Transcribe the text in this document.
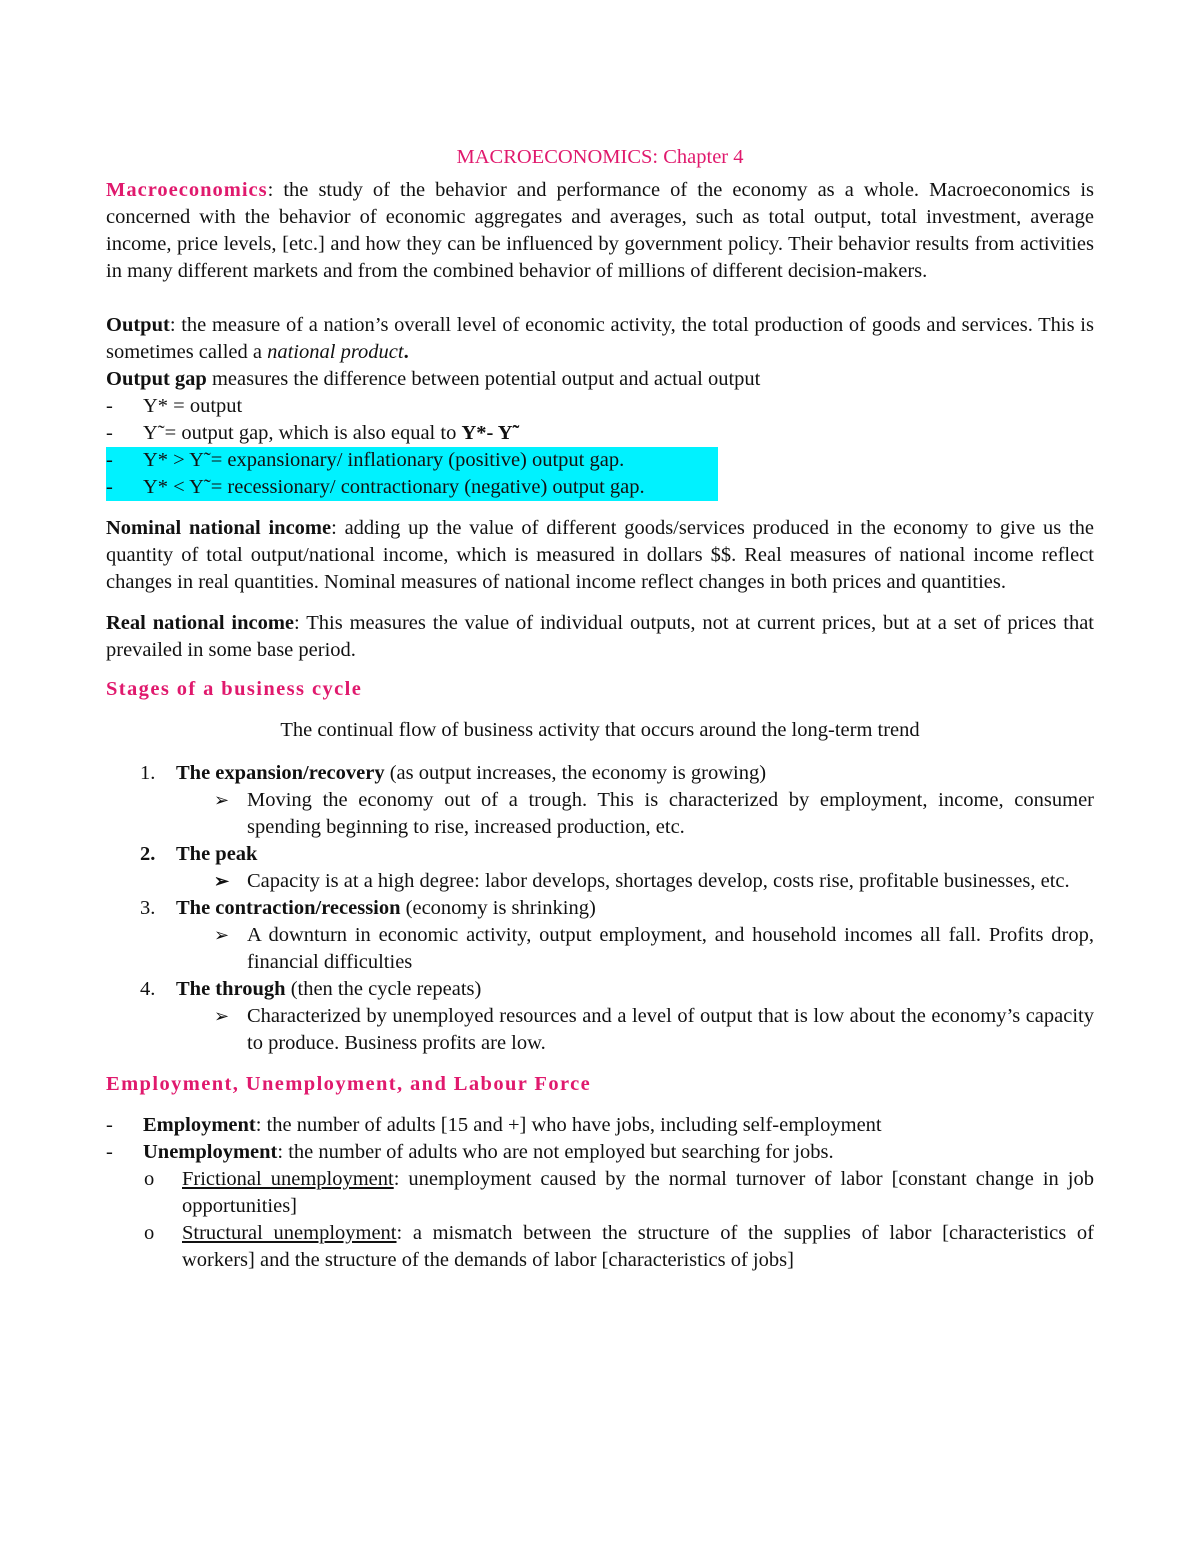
MACROECONOMICS: Chapter 4

Macroeconomics: the study of the behavior and performance of the economy as a whole. Macroeconomics is concerned with the behavior of economic aggregates and averages, such as total output, total investment, average income, price levels, [etc.] and how they can be influenced by government policy. Their behavior results from activities in many different markets and from the combined behavior of millions of different decision-makers.

Output: the measure of a nation’s overall level of economic activity, the total production of goods and services. This is sometimes called a national product.

Output gap measures the difference between potential output and actual output

-	Y* = output
-	Y˜= output gap, which is also equal to Y*- Y˜
-	Y* > Y˜= expansionary/ inflationary (positive) output gap.
-	Y* < Y˜= recessionary/ contractionary (negative) output gap.

Nominal national income: adding up the value of different goods/services produced in the economy to give us the quantity of total output/national income, which is measured in dollars $$. Real measures of national income reflect changes in real quantities. Nominal measures of national income reflect changes in both prices and quantities.

Real national income: This measures the value of individual outputs, not at current prices, but at a set of prices that prevailed in some base period.

Stages of a business cycle

The continual flow of business activity that occurs around the long-term trend

1.	The expansion/recovery (as output increases, the economy is growing)
➢ Moving the economy out of a trough. This is characterized by employment, income, consumer spending beginning to rise, increased production, etc.
2.	The peak
➢ Capacity is at a high degree: labor develops, shortages develop, costs rise, profitable businesses, etc.
3.	The contraction/recession (economy is shrinking)
➢ A downturn in economic activity, output employment, and household incomes all fall. Profits drop, financial difficulties
4.	The through (then the cycle repeats)
➢ Characterized by unemployed resources and a level of output that is low about the economy’s capacity to produce. Business profits are low.

Employment, Unemployment, and Labour Force

-	Employment: the number of adults [15 and +] who have jobs, including self-employment
-	Unemployment: the number of adults who are not employed but searching for jobs.
o	Frictional unemployment: unemployment caused by the normal turnover of labor [constant change in job opportunities]
o	Structural unemployment: a mismatch between the structure of the supplies of labor [characteristics of workers] and the structure of the demands of labor [characteristics of jobs]
